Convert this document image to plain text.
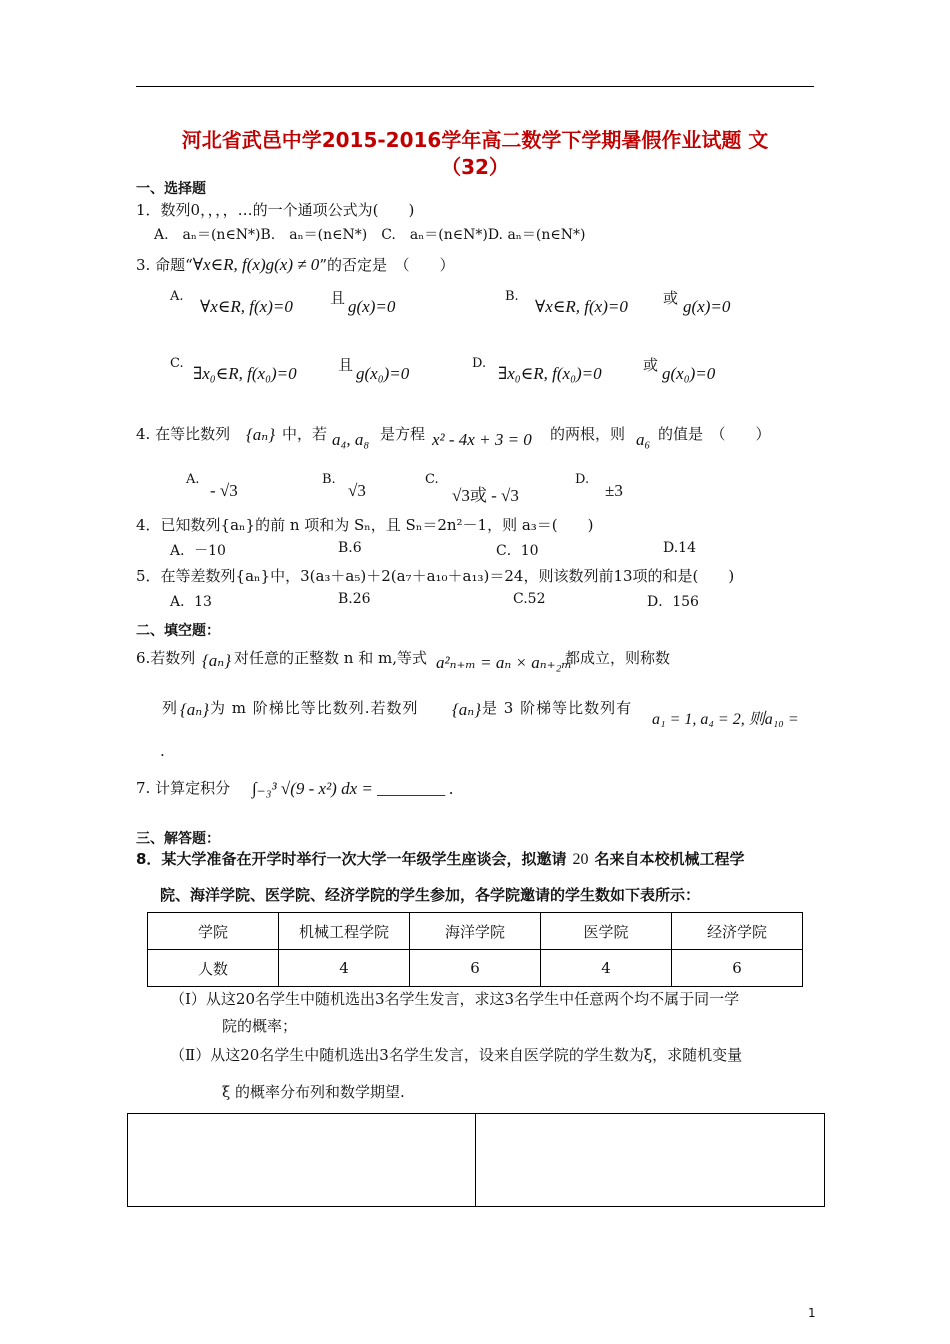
河北省武邑中学2015-2016学年高二数学下学期暑假作业试题 文
（32）
一、选择题
1．数列0，，，，…的一个通项公式为(　　)
A.　aₙ＝(n∈N*)B.　aₙ＝(n∈N*)　C.　aₙ＝(n∈N*)D. aₙ＝(n∈N*)
3. 命题“∀x∈R, f(x)g(x) ≠ 0”的否定是　（　　）
A.
∀x∈R, f(x)=0 且 g(x)=0
B.
∀x∈R, f(x)=0 或 g(x)=0
C.
∃x₀∈R, f(x₀)=0	且 g(x₀)=0
D.
∃x₀∈R, f(x₀)=0	或 g(x₀)=0
4. 在等比数列 {aₙ} 中，若 a₄, a₈ 是方程 x² - 4x + 3 = 0 的两根，则 a₆ 的值是　（　　）
A.
- √3
B.
√3
C.
√3或 - √3
D.
±3
4．已知数列{aₙ}的前 n 项和为 Sₙ，且 Sₙ＝2n²－1，则 a₃＝(　　)
A．－10	B.6	C．10	D.14
5．在等差数列{aₙ}中，3(a₃＋a₅)＋2(a₇＋a₁₀＋a₁₃)＝24，则该数列前13项的和是(　　)
A．13	B.26	C.52	D．156
二、填空题：
6.若数列 {aₙ} 对任意的正整数 n 和 m,等式 a²ₙ₊ₘ = aₙ × aₙ₊₂ₘ
都成立，则称数
列 {aₙ} 为 m 阶梯比等比数列.若数列 {aₙ} 是 3 阶梯等比数列有
a₁ = 1, a₄ = 2, 则a₁₀ =
.
7. 计算定积分 ∫₋₃³ √(9 - x²) dx = ________ .
三、解答题：
8．某大学准备在开学时举行一次大学一年级学生座谈会，拟邀请 20 名来自本校机械工程学
院、海洋学院、医学院、经济学院的学生参加，各学院邀请的学生数如下表所示：
学院	机械工程学院	海洋学院	医学院	经济学院
人数	4	6	4	6
（Ⅰ）从这20名学生中随机选出3名学生发言，求这3名学生中任意两个均不属于同一学
院的概率；
（Ⅱ）从这20名学生中随机选出3名学生发言，设来自医学院的学生数为ξ，求随机变量
ξ 的概率分布列和数学期望.
1
